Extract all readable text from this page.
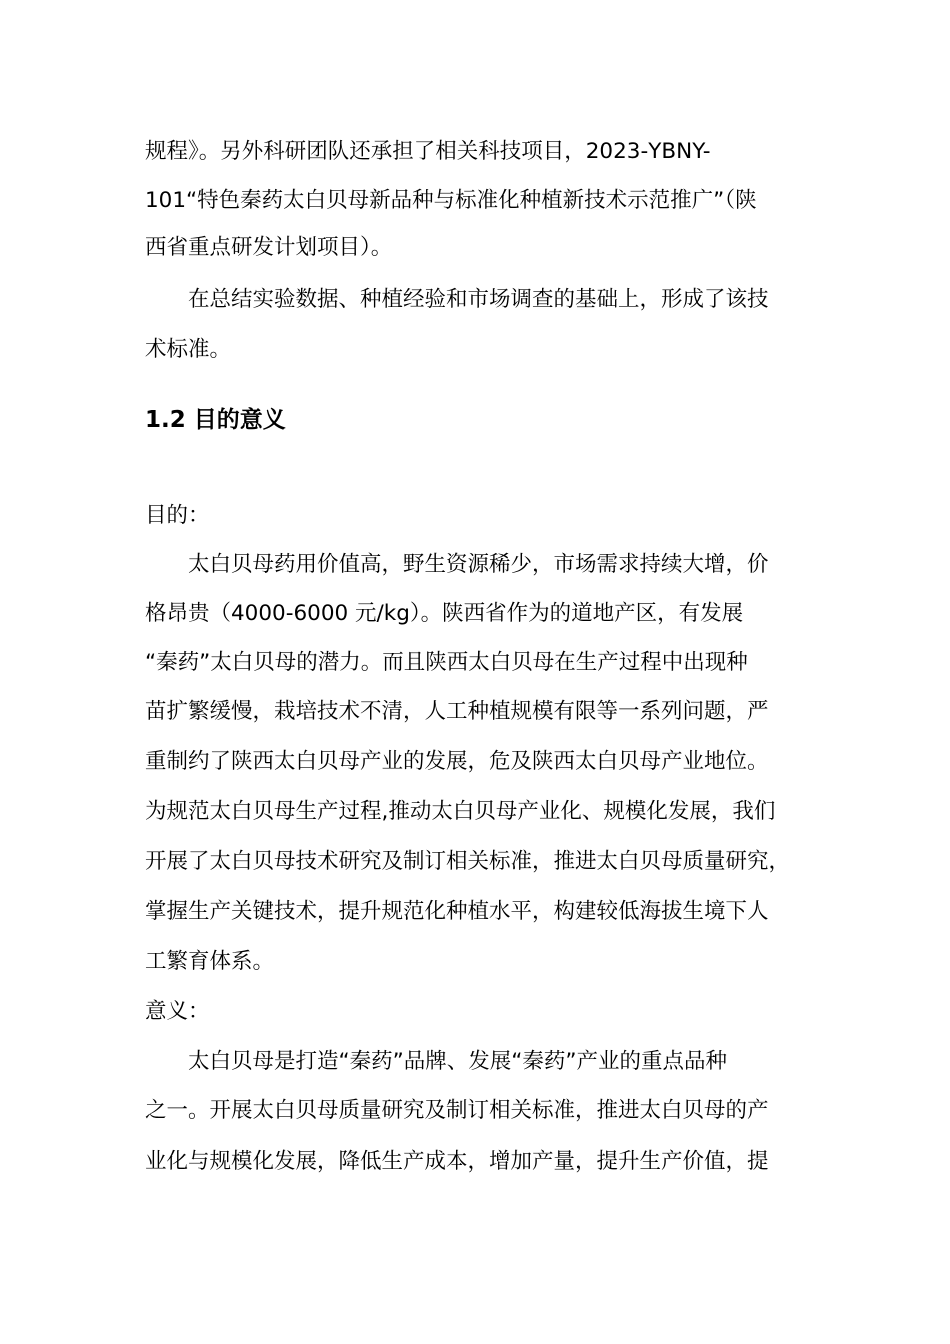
规程》。另外科研团队还承担了相关科技项目，2023-YBNY-
101“特色秦药太白贝母新品种与标准化种植新技术示范推广”（陕
西省重点研发计划项目）。
在总结实验数据、种植经验和市场调查的基础上，形成了该技
术标准。
1.2 目的意义
目的：
太白贝母药用价值高，野生资源稀少，市场需求持续大增，价
格昂贵（4000-6000 元/kg）。陕西省作为的道地产区，有发展
“秦药”太白贝母的潜力。而且陕西太白贝母在生产过程中出现种
苗扩繁缓慢，栽培技术不清，人工种植规模有限等一系列问题，严
重制约了陕西太白贝母产业的发展，危及陕西太白贝母产业地位。
为规范太白贝母生产过程,推动太白贝母产业化、规模化发展，我们
开展了太白贝母技术研究及制订相关标准，推进太白贝母质量研究，
掌握生产关键技术，提升规范化种植水平，构建较低海拔生境下人
工繁育体系。
意义：
太白贝母是打造“秦药”品牌、发展“秦药”产业的重点品种
之一。开展太白贝母质量研究及制订相关标准，推进太白贝母的产
业化与规模化发展，降低生产成本，增加产量，提升生产价值，提
